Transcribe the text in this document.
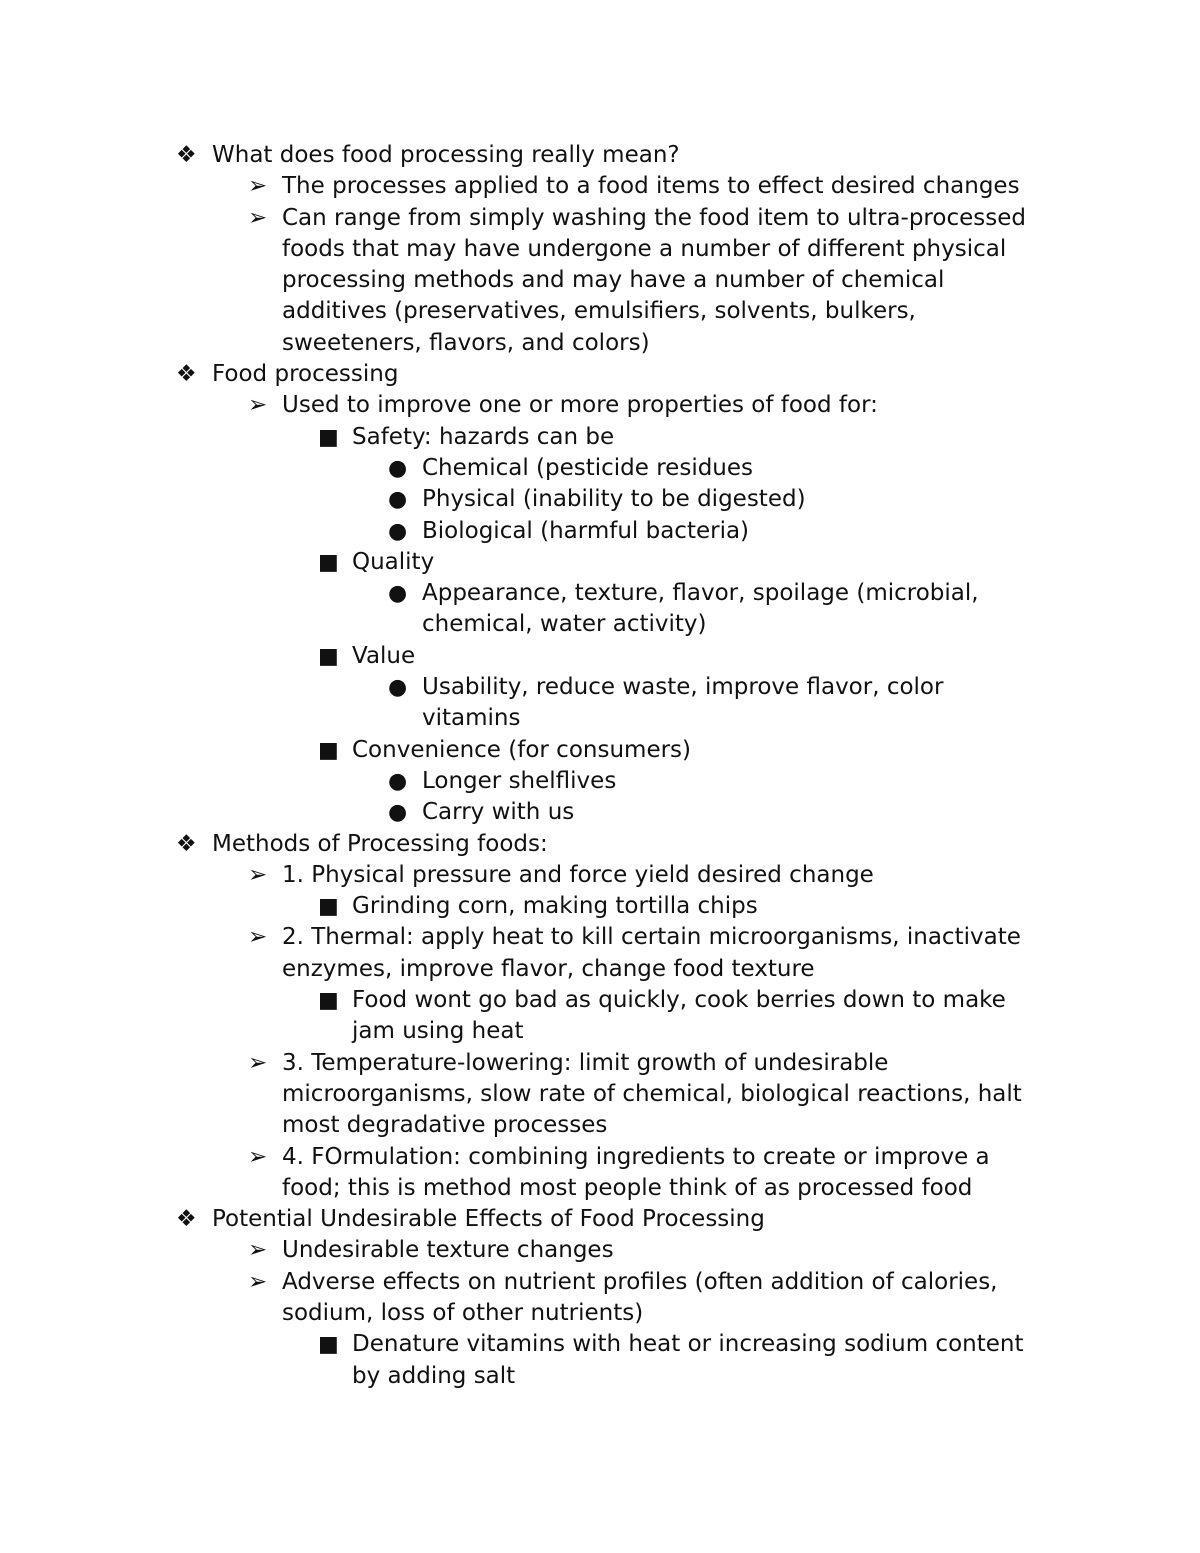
❖ What does food processing really mean?
➢ The processes applied to a food items to effect desired changes
➢ Can range from simply washing the food item to ultra-processed foods that may have undergone a number of different physical processing methods and may have a number of chemical additives (preservatives, emulsifiers, solvents, bulkers, sweeteners, flavors, and colors)
❖ Food processing
➢ Used to improve one or more properties of food for:
■ Safety: hazards can be
● Chemical (pesticide residues
● Physical (inability to be digested)
● Biological (harmful bacteria)
■ Quality
● Appearance, texture, flavor, spoilage (microbial, chemical, water activity)
■ Value
● Usability, reduce waste, improve flavor, color vitamins
■ Convenience (for consumers)
● Longer shelflives
● Carry with us
❖ Methods of Processing foods:
➢ 1. Physical pressure and force yield desired change
■ Grinding corn, making tortilla chips
➢ 2. Thermal: apply heat to kill certain microorganisms, inactivate enzymes, improve flavor, change food texture
■ Food wont go bad as quickly, cook berries down to make jam using heat
➢ 3. Temperature-lowering: limit growth of undesirable microorganisms, slow rate of chemical, biological reactions, halt most degradative processes
➢ 4. FOrmulation: combining ingredients to create or improve a food; this is method most people think of as processed food
❖ Potential Undesirable Effects of Food Processing
➢ Undesirable texture changes
➢ Adverse effects on nutrient profiles (often addition of calories, sodium, loss of other nutrients)
■ Denature vitamins with heat or increasing sodium content by adding salt
